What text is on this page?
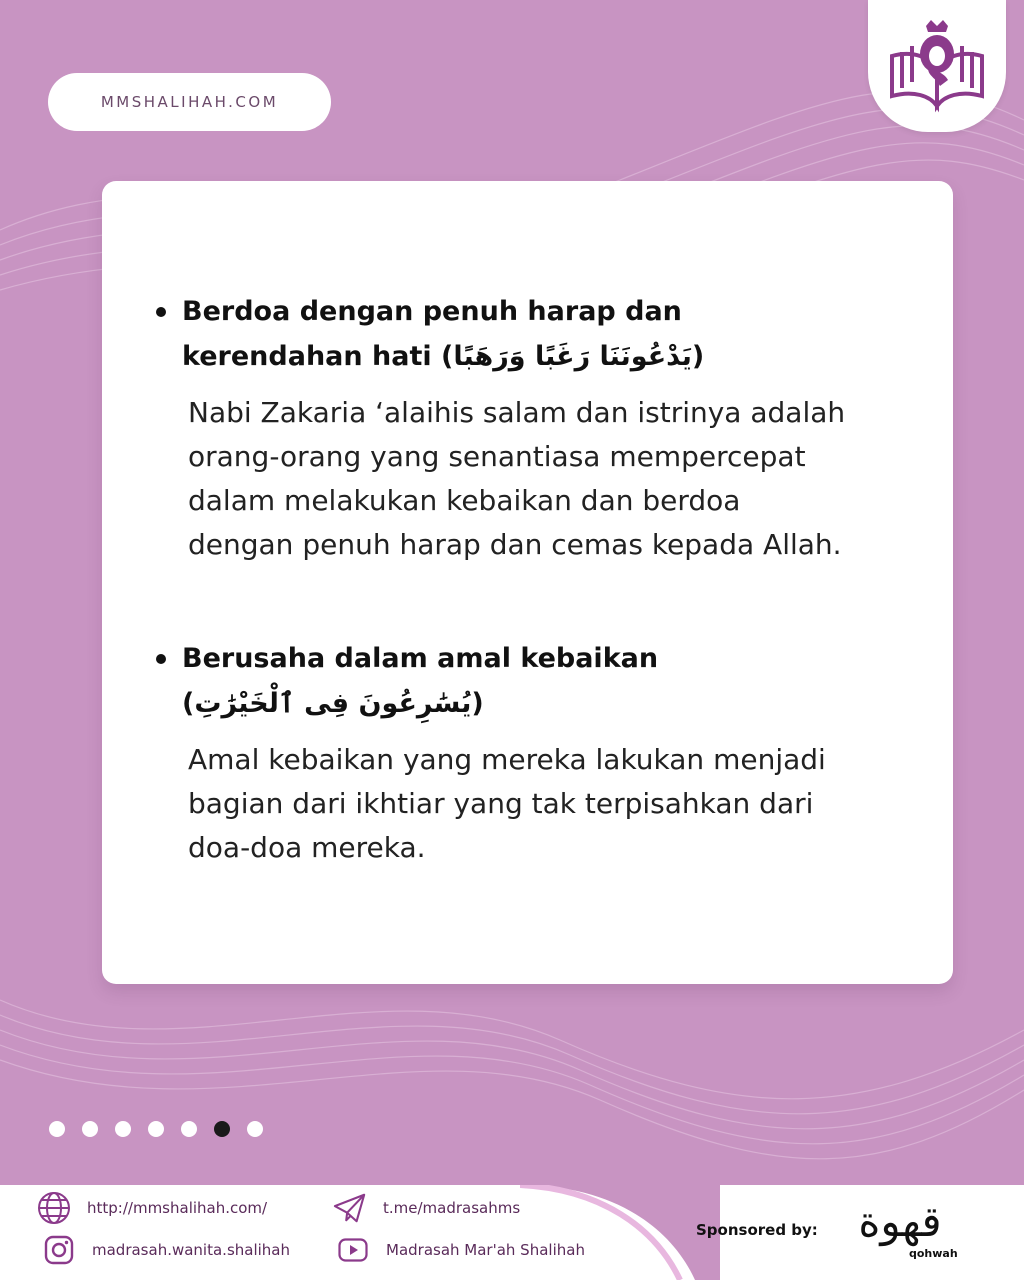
MMSHALIHAH.COM
Berdoa dengan penuh harap dan
kerendahan hati (يَدْعُونَنَا رَغَبًا وَرَهَبًا)
Nabi Zakaria ‘alaihis salam dan istrinya adalah
orang-orang yang senantiasa mempercepat
dalam melakukan kebaikan dan berdoa
dengan penuh harap dan cemas kepada Allah.
Berusaha dalam amal kebaikan
(يُسَٰرِعُونَ فِى ٱلْخَيْرَٰتِ)
Amal kebaikan yang mereka lakukan menjadi
bagian dari ikhtiar yang tak terpisahkan dari
doa-doa mereka.
http://mmshalihah.com/
madrasah.wanita.shalihah
t.me/madrasahms
Madrasah Mar'ah Shalihah
Sponsored by: قهوة
qohwah
